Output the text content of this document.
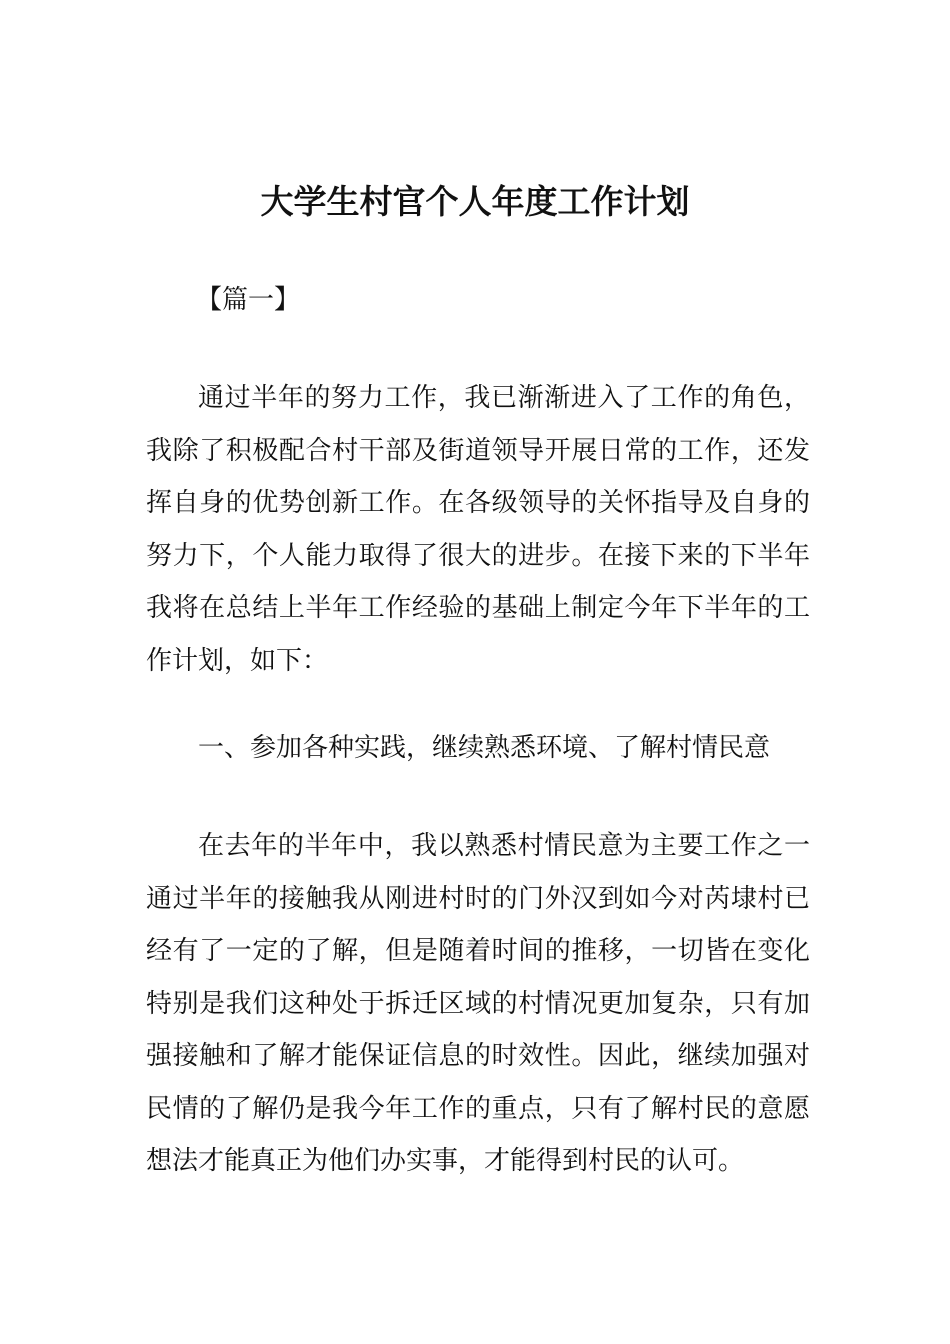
大学生村官个人年度工作计划
【篇一】

通过半年的努力工作，我已渐渐进入了工作的角色，我除了积极配合村干部及街道领导开展日常的工作，还发挥自身的优势创新工作。在各级领导的关怀指导及自身的努力下，个人能力取得了很大的进步。在接下来的下半年我将在总结上半年工作经验的基础上制定今年下半年的工作计划，如下：

一、参加各种实践，继续熟悉环境、了解村情民意

在去年的半年中，我以熟悉村情民意为主要工作之一通过半年的接触我从刚进村时的门外汉到如今对芮埭村已经有了一定的了解，但是随着时间的推移，一切皆在变化特别是我们这种处于拆迁区域的村情况更加复杂，只有加强接触和了解才能保证信息的时效性。因此，继续加强对民情的了解仍是我今年工作的重点，只有了解村民的意愿想法才能真正为他们办实事，才能得到村民的认可。
